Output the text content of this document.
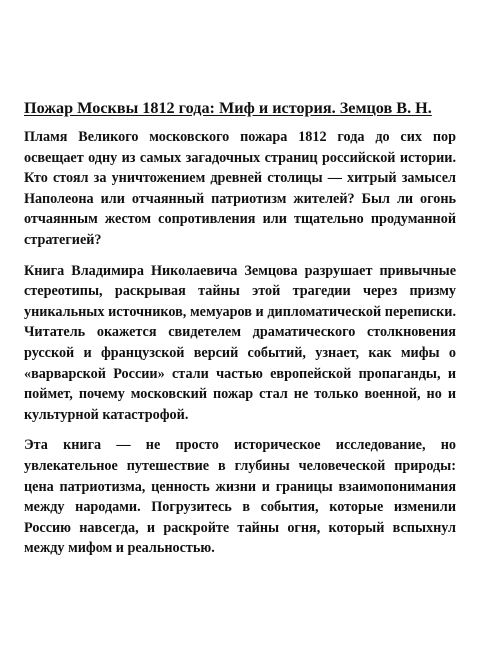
Пожар Москвы 1812 года: Миф и история. Земцов В. Н.

Пламя Великого московского пожара 1812 года до сих пор освещает одну из самых загадочных страниц российской истории. Кто стоял за уничтожением древней столицы — хитрый замысел Наполеона или отчаянный патриотизм жителей? Был ли огонь отчаянным жестом сопротивления или тщательно продуманной стратегией?

Книга Владимира Николаевича Земцова разрушает привычные стереотипы, раскрывая тайны этой трагедии через призму уникальных источников, мемуаров и дипломатической переписки. Читатель окажется свидетелем драматического столкновения русской и французской версий событий, узнает, как мифы о «варварской России» стали частью европейской пропаганды, и поймет, почему московский пожар стал не только военной, но и культурной катастрофой.

Эта книга — не просто историческое исследование, но увлекательное путешествие в глубины человеческой природы: цена патриотизма, ценность жизни и границы взаимопонимания между народами. Погрузитесь в события, которые изменили Россию навсегда, и раскройте тайны огня, который вспыхнул между мифом и реальностью.
